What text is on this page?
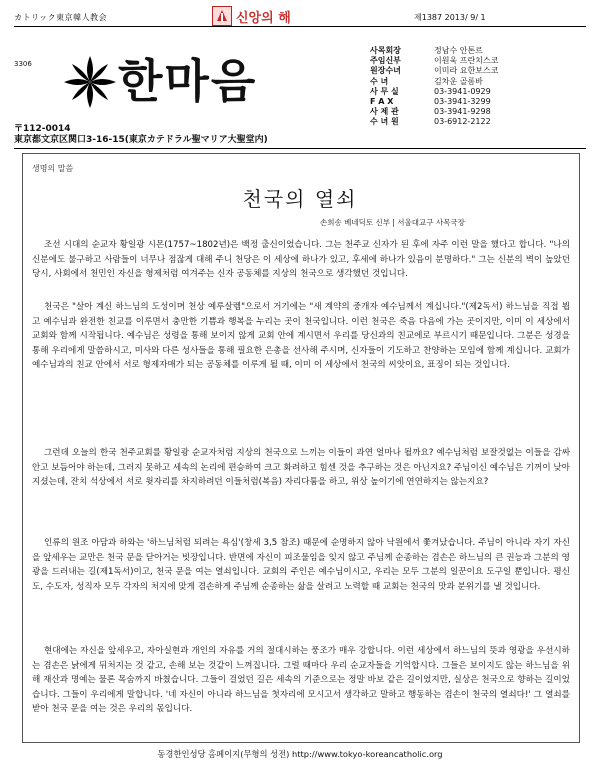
カトリック東京韓人教会	신앙의 해	제1387 2013/ 9/ 1
3306 한마음
사목회장	정남수 안톤르
주임신부	이원욱 프란치스코
원장수녀	이미라 요한보스코
수 녀	김차운 골롬바
사 무 실	03-3941-0929
F A X	03-3941-3299
사 제 관	03-3941-9298
수 녀 원	03-6912-2122
〒112-0014
東京都文京区関口3-16-15(東京カテドラル聖マリア大聖堂内)
생명의 말씀
천국의 열쇠
손희송 베네딕토 신부 | 서울대교구 사목국장

조선 시대의 순교자 황일광 시몬(1757~1802년)은 백정 출신이었습니다. 그는 천주교 신자가 된 후에 자주 이런 말을 했다고 합니다. "나의 신분에도 불구하고 사람들이 너무나 점잖게 대해 주니 천당은 이 세상에 하나가 있고, 후세에 하나가 있음이 분명하다." 그는 신분의 벽이 높았던 당시, 사회에서 천민인 자신을 형제처럼 여겨주는 신자 공동체를 지상의 천국으로 생각했던 것입니다.

천국은 "살아 계신 하느님의 도성이며 천상 예루살렘"으로서 거기에는 "새 계약의 중개자 예수님께서 계십니다."(제2독서) 하느님을 직접 뵙고 예수님과 완전한 친교를 이루면서 충만한 기쁨과 행복을 누리는 곳이 천국입니다. 이런 천국은 죽음 다음에 가는 곳이지만, 이미 이 세상에서 교회와 함께 시작됩니다. 예수님은 성령을 통해 보이지 않게 교회 안에 계시면서 우리를 당신과의 친교에로 부르시기 때문입니다. 그분은 성경을 통해 우리에게 말씀하시고, 미사와 다른 성사들을 통해 필요한 은총을 선사해 주시며, 신자들이 기도하고 찬양하는 모임에 함께 계십니다. 교회가 예수님과의 친교 안에서 서로 형제자매가 되는 공동체를 이루게 될 때, 이미 이 세상에서 천국의 씨앗이요, 표징이 되는 것입니다.

그런데 오늘의 한국 천주교회를 황일광 순교자처럼 지상의 천국으로 느끼는 이들이 과연 얼마나 될까요? 예수님처럼 보잘것없는 이들을 감싸 안고 보듬어야 하는데, 그러지 못하고 세속의 논리에 편승하여 크고 화려하고 힘센 것을 추구하는 것은 아닌지요? 주님이신 예수님은 기꺼이 낮아지셨는데, 잔치 석상에서 서로 윗자리를 차지하려던 이들처럼(복음) 자리다툼을 하고, 위상 높이기에 연연하지는 않는지요?

인류의 원조 아담과 하와는 '하느님처럼 되려는 욕심'(창세 3,5 참조) 때문에 순명하지 않아 낙원에서 쫓겨났습니다. 주님이 아니라 자기 자신을 앞세우는 교만은 천국 문을 닫아거는 빗장입니다. 반면에 자신이 피조물임을 잊지 않고 주님께 순종하는 겸손은 하느님의 큰 권능과 그분의 영광을 드러내는 길(제1독서)이고, 천국 문을 여는 열쇠입니다. 교회의 주인은 예수님이시고, 우리는 모두 그분의 일꾼이요 도구일 뿐입니다. 평신도, 수도자, 성직자 모두 각자의 처지에 맞게 겸손하게 주님께 순종하는 삶을 살려고 노력할 때 교회는 천국의 맛과 분위기를 낼 것입니다.

현대에는 자신을 앞세우고, 자아실현과 개인의 자유를 거의 절대시하는 풍조가 매우 강합니다. 이런 세상에서 하느님의 뜻과 영광을 우선시하는 겸손은 낡에게 뒤처지는 것 같고, 손해 보는 것같이 느껴집니다. 그럴 때마다 우리 순교자들을 기억합시다. 그들은 보이지도 않는 하느님을 위해 재산과 명예는 물론 목숨까지 바쳤습니다. 그들이 걸었던 길은 세속의 기준으로는 정말 바보 같은 길이었지만, 실상은 천국으로 향하는 길이었습니다. 그들이 우리에게 말합니다. '네 자신이 아니라 하느님을 첫자리에 모시고서 생각하고 말하고 행동하는 겸손이 천국의 열쇠다!' 그 열쇠를 받아 천국 문을 여는 것은 우리의 몫입니다.

동경한인성당 홈페이지(무형의 성전) http://www.tokyo-koreancatholic.org
